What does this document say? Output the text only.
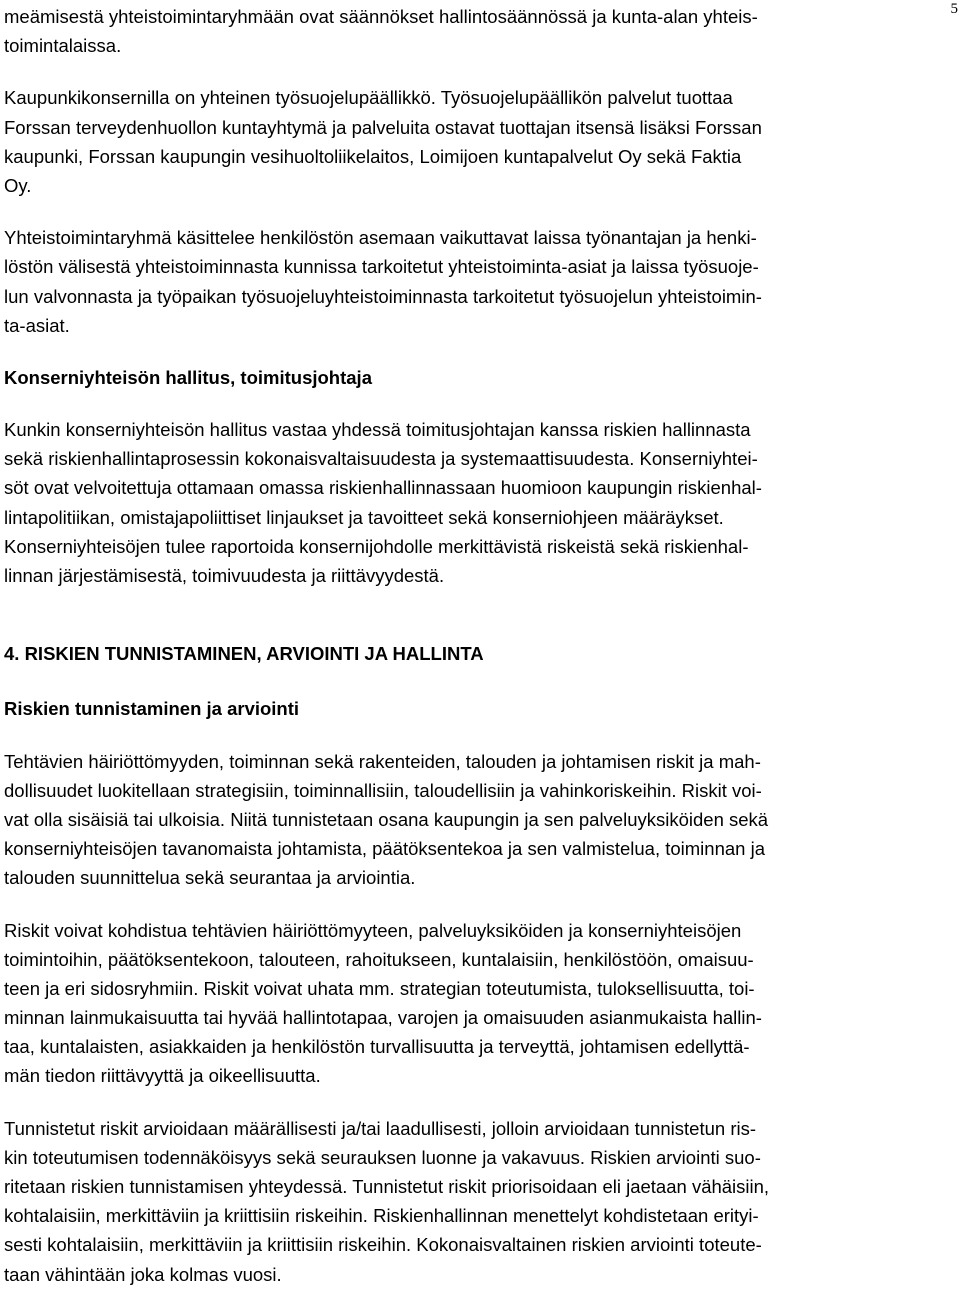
5
meämisestä yhteistoimintaryhmään ovat säännökset hallintosäännössä ja kunta-alan yhteis-
toimintalaissa.
Kaupunkikonsernilla on yhteinen työsuojelupäällikkö. Työsuojelupäällikön palvelut tuottaa
Forssan terveydenhuollon kuntayhtymä ja palveluita ostavat tuottajan itsensä lisäksi Forssan
kaupunki, Forssan kaupungin vesihuoltoliikelaitos, Loimijoen kuntapalvelut Oy sekä Faktia
Oy.
Yhteistoimintaryhmä käsittelee henkilöstön asemaan vaikuttavat laissa työnantajan ja henki-
löstön välisestä yhteistoiminnasta kunnissa tarkoitetut yhteistoiminta-asiat ja laissa työsuoje-
lun valvonnasta ja työpaikan työsuojeluyhteistoiminnasta tarkoitetut työsuojelun yhteistoimin-
ta-asiat.
Konserniyhteisön hallitus, toimitusjohtaja
Kunkin konserniyhteisön hallitus vastaa yhdessä toimitusjohtajan kanssa riskien hallinnasta
sekä riskienhallintaprosessin kokonaisvaltaisuudesta ja systemaattisuudesta. Konserniyhtei-
söt ovat velvoitettuja ottamaan omassa riskienhallinnassaan huomioon kaupungin riskienhal-
lintapolitiikan, omistajapoliittiset linjaukset ja tavoitteet sekä konserniohjeen määräykset.
Konserniyhteisöjen tulee raportoida konsernijohdolle merkittävistä riskeistä sekä riskienhal-
linnan järjestämisestä, toimivuudesta ja riittävyydestä.
4. RISKIEN TUNNISTAMINEN, ARVIOINTI JA HALLINTA
Riskien tunnistaminen ja arviointi
Tehtävien häiriöttömyyden, toiminnan sekä rakenteiden, talouden ja johtamisen riskit ja mah-
dollisuudet luokitellaan strategisiin, toiminnallisiin, taloudellisiin ja vahinkoriskeihin. Riskit voi-
vat olla sisäisiä tai ulkoisia. Niitä tunnistetaan osana kaupungin ja sen palveluyksiköiden sekä
konserniyhteisöjen tavanomaista johtamista, päätöksentekoa ja sen valmistelua, toiminnan ja
talouden suunnittelua sekä seurantaa ja arviointia.
Riskit voivat kohdistua tehtävien häiriöttömyyteen, palveluyksiköiden ja konserniyhteisöjen
toimintoihin, päätöksentekoon, talouteen, rahoitukseen, kuntalaisiin, henkilöstöön, omaisuu-
teen ja eri sidosryhmiin. Riskit voivat uhata mm. strategian toteutumista, tuloksellisuutta, toi-
minnan lainmukaisuutta tai hyvää hallintotapaa, varojen ja omaisuuden asianmukaista hallin-
taa, kuntalaisten, asiakkaiden ja henkilöstön turvallisuutta ja terveyttä, johtamisen edellyttä-
män tiedon riittävyyttä ja oikeellisuutta.
Tunnistetut riskit arvioidaan määrällisesti ja/tai laadullisesti, jolloin arvioidaan tunnistetun ris-
kin toteutumisen todennäköisyys sekä seurauksen luonne ja vakavuus. Riskien arviointi suo-
ritetaan riskien tunnistamisen yhteydessä. Tunnistetut riskit priorisoidaan eli jaetaan vähäisiin,
kohtalaisiin, merkittäviin ja kriittisiin riskeihin. Riskienhallinnan menettelyt kohdistetaan erityi-
sesti kohtalaisiin, merkittäviin ja kriittisiin riskeihin. Kokonaisvaltainen riskien arviointi toteute-
taan vähintään joka kolmas vuosi.
